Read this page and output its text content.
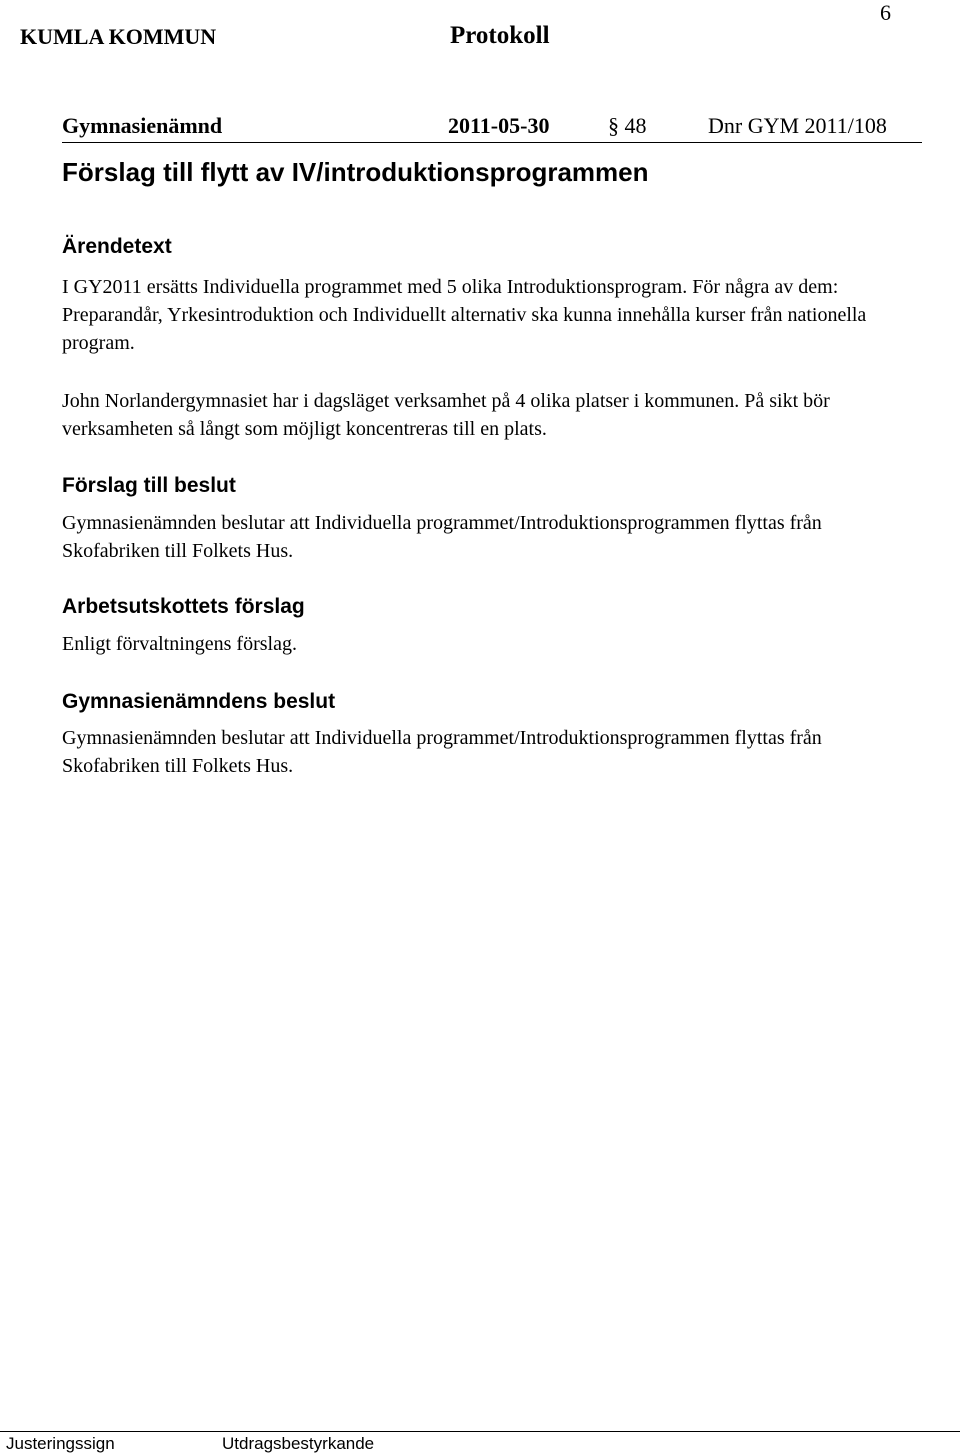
6
KUMLA KOMMUN	Protokoll
Gymnasienämnd	2011-05-30	§ 48	Dnr GYM 2011/108
Förslag till flytt av IV/introduktionsprogrammen
Ärendetext
I GY2011 ersätts Individuella programmet med 5 olika Introduktionsprogram. För några av dem: Preparandår, Yrkesintroduktion och Individuellt alternativ ska kunna innehålla kurser från nationella program.
John Norlandergymnasiet har i dagsläget verksamhet på 4 olika platser i kommunen. På sikt bör verksamheten så långt som möjligt koncentreras till en plats.
Förslag till beslut
Gymnasienämnden beslutar att Individuella programmet/Introduktionsprogrammen flyttas från Skofabriken till Folkets Hus.
Arbetsutskottets förslag
Enligt förvaltningens förslag.
Gymnasienämndens beslut
Gymnasienämnden beslutar att Individuella programmet/Introduktionsprogrammen flyttas från Skofabriken till Folkets Hus.
Justeringssign	Utdragsbestyrkande
